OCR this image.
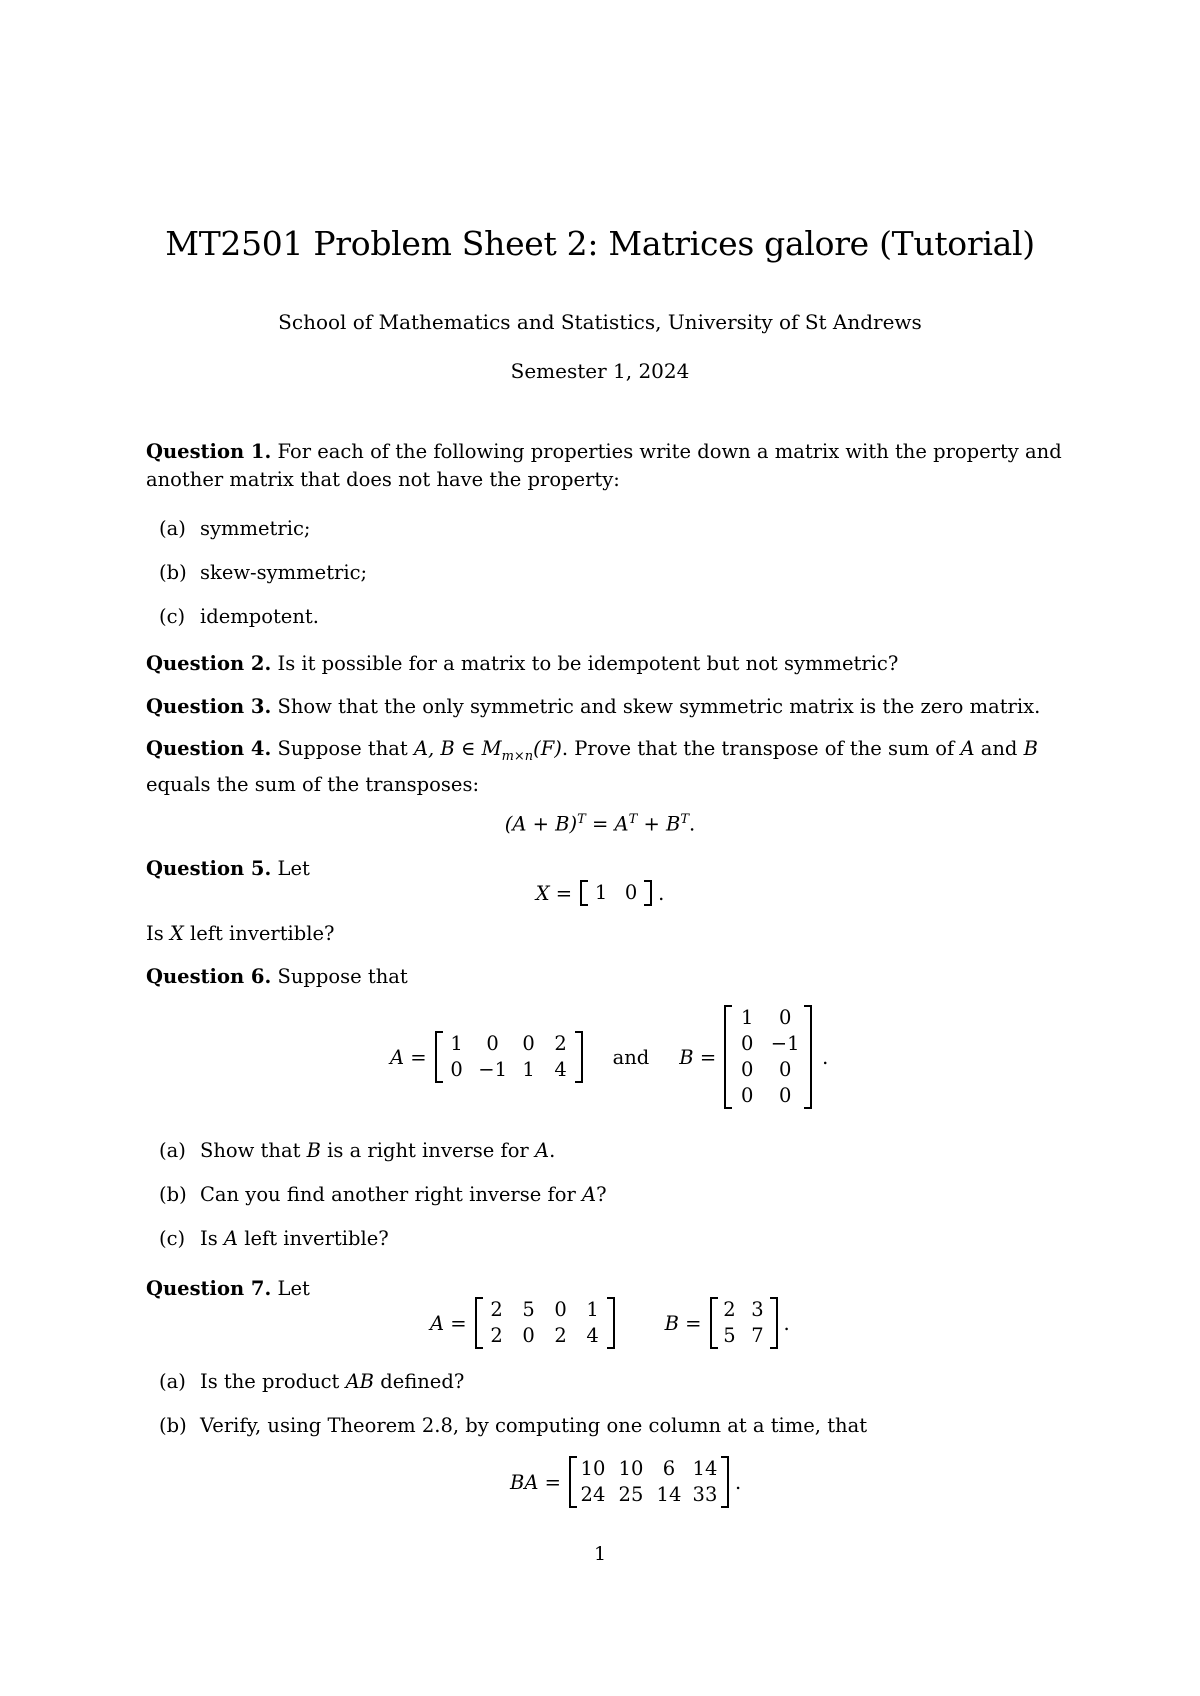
MT2501 Problem Sheet 2: Matrices galore (Tutorial)
School of Mathematics and Statistics, University of St Andrews
Semester 1, 2024
Question 1. For each of the following properties write down a matrix with the property and another matrix that does not have the property:
(a) symmetric;
(b) skew-symmetric;
(c) idempotent.
Question 2. Is it possible for a matrix to be idempotent but not symmetric?
Question 3. Show that the only symmetric and skew symmetric matrix is the zero matrix.
Question 4. Suppose that A, B ∈ $M_{m\times n}(F)$. Prove that the transpose of the sum of A and B equals the sum of the transposes:
$(A + B)^T = A^T + B^T$.
Question 5. Let
X =	1 0	.
Is X left invertible?
Question 6. Suppose that
A =
1	0	0	2
0 −1 1	4
and B =
1	0
0 −1
0	0
0	0
.
(a) Show that B is a right inverse for A.
(b) Can you find another right inverse for A?
(c) Is A left invertible?
Question 7. Let
A =
2	5	0	1
2	0	2	4
B =
2 3
5 7
.
(a) Is the product AB defined?
(b) Verify, using Theorem 2.8, by computing one column at a time, that
BA =
10 10 6 14
24 25 14 33
.
1
